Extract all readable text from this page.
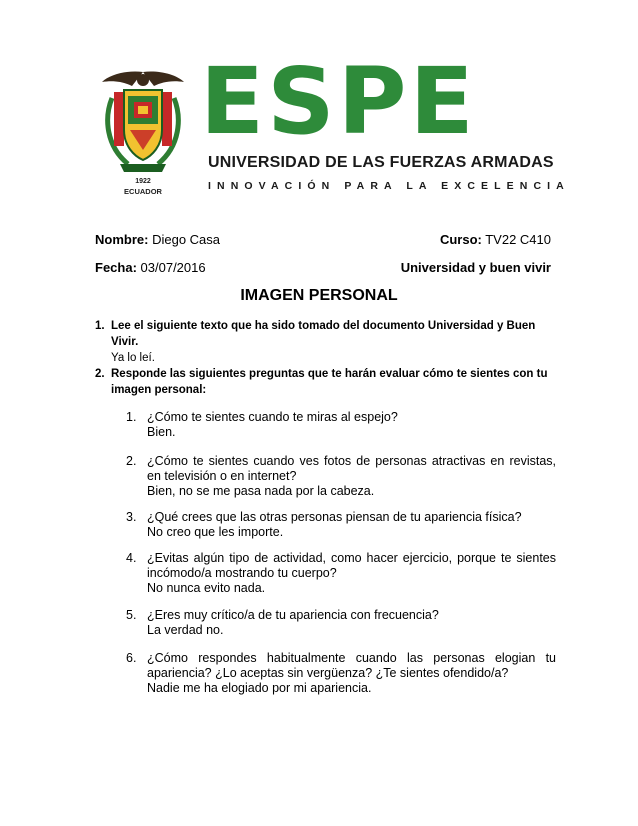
1922
ECUADOR
ESPE
UNIVERSIDAD DE LAS FUERZAS ARMADAS
INNOVACIÓN PARA LA EXCELENCIA
Nombre: Diego Casa	Curso: TV22 C410
Fecha: 03/07/2016	Universidad y buen vivir
IMAGEN PERSONAL
1. Lee el siguiente texto que ha sido tomado del documento Universidad y Buen Vivir.
Ya lo leí.
2. Responde las siguientes preguntas que te harán evaluar cómo te sientes con tu imagen personal:
1. ¿Cómo te sientes cuando te miras al espejo?
Bien.
2. ¿Cómo te sientes cuando ves fotos de personas atractivas en revistas, en televisión o en internet?
Bien, no se me pasa nada por la cabeza.
3. ¿Qué crees que las otras personas piensan de tu apariencia física?
No creo que les importe.
4. ¿Evitas algún tipo de actividad, como hacer ejercicio, porque te sientes incómodo/a mostrando tu cuerpo?
No nunca evito nada.
5. ¿Eres muy crítico/a de tu apariencia con frecuencia?
La verdad no.
6. ¿Cómo respondes habitualmente cuando las personas elogian tu apariencia? ¿Lo aceptas sin vergüenza? ¿Te sientes ofendido/a?
Nadie me ha elogiado por mi apariencia.
